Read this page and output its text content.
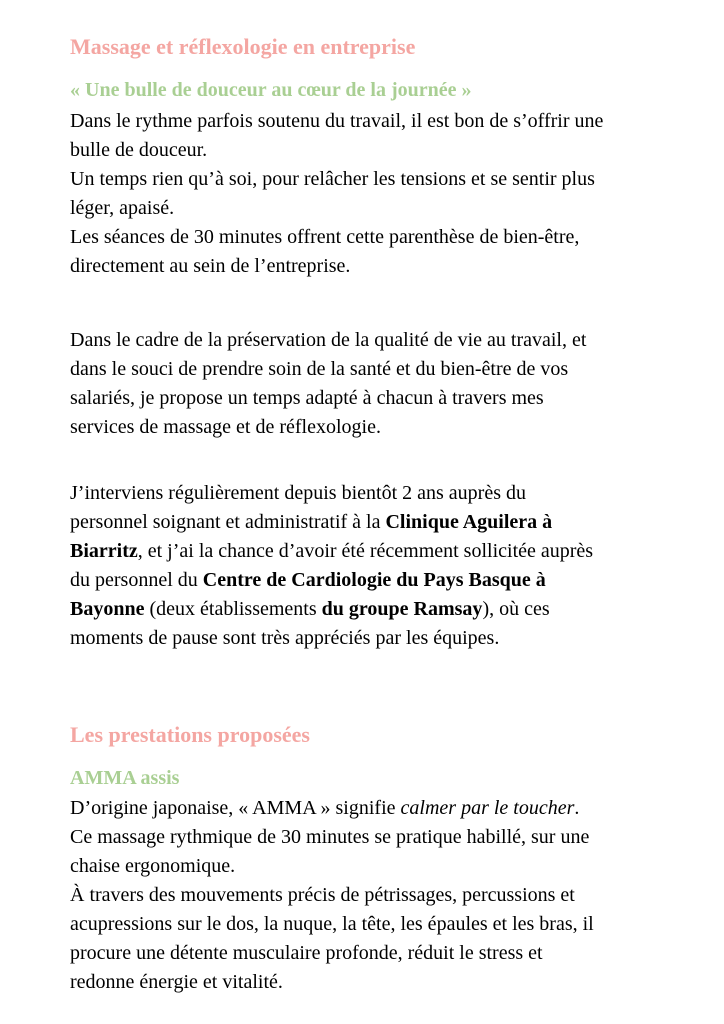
Massage et réflexologie en entreprise
« Une bulle de douceur au cœur de la journée »
Dans le rythme parfois soutenu du travail, il est bon de s’offrir une
bulle de douceur.
Un temps rien qu’à soi, pour relâcher les tensions et se sentir plus
léger, apaisé.
Les séances de 30 minutes offrent cette parenthèse de bien-être,
directement au sein de l’entreprise.
Dans le cadre de la préservation de la qualité de vie au travail, et
dans le souci de prendre soin de la santé et du bien-être de vos
salariés, je propose un temps adapté à chacun à travers mes
services de massage et de réflexologie.
J’interviens régulièrement depuis bientôt 2 ans auprès du
personnel soignant et administratif à la Clinique Aguilera à
Biarritz, et j’ai la chance d’avoir été récemment sollicitée auprès
du personnel du Centre de Cardiologie du Pays Basque à
Bayonne (deux établissements du groupe Ramsay), où ces
moments de pause sont très appréciés par les équipes.
Les prestations proposées
AMMA assis
D’origine japonaise, « AMMA » signifie calmer par le toucher.
Ce massage rythmique de 30 minutes se pratique habillé, sur une
chaise ergonomique.
À travers des mouvements précis de pétrissages, percussions et
acupressions sur le dos, la nuque, la tête, les épaules et les bras, il
procure une détente musculaire profonde, réduit le stress et
redonne énergie et vitalité.
